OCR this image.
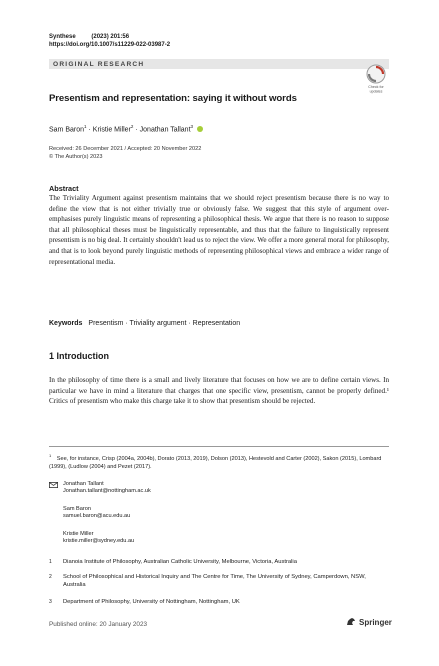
Synthese	(2023) 201:56
https://doi.org/10.1007/s11229-022-03987-2
ORIGINAL RESEARCH
Check for
updates
Presentism and representation: saying it without words
Sam Baron$^1$ · Kristie Miller$^2$ · Jonathan Tallant$^3$
Received: 26 December 2021 / Accepted: 20 November 2022
© The Author(s) 2023
Abstract
The Triviality Argument against presentism maintains that we should reject presentism because there is no way to define the view that is not either trivially true or obviously false. We suggest that this style of argument over-emphasises purely linguistic means of representing a philosophical thesis. We argue that there is no reason to suppose that all philosophical theses must be linguistically representable, and thus that the failure to linguistically represent presentism is no big deal. It certainly shouldn't lead us to reject the view. We offer a more general moral for philosophy, and that is to look beyond purely linguistic methods of representing philosophical views and embrace a wider range of representational media.
Keywords Presentism · Triviality argument · Representation
1 Introduction
In the philosophy of time there is a small and lively literature that focuses on how we are to define certain views. In particular we have in mind a literature that charges that one specific view, presentism, cannot be properly defined.¹ Critics of presentism who make this charge take it to show that presentism should be rejected.
$^1$ See, for instance, Crisp (2004a, 2004b), Dorato (2013, 2019), Dolson (2013), Hestevold and Carter (2002), Sakon (2015), Lombard (1999), (Ludlow (2004) and Pezet (2017).
Jonathan Tallant
Jonathan.tallant@nottingham.ac.uk
Sam Baron
samuel.baron@acu.edu.au
Kristie Miller
kristie.miller@sydney.edu.au
1	Dianoia Institute of Philosophy, Australian Catholic University, Melbourne, Victoria, Australia
2	School of Philosophical and Historical Inquiry and The Centre for Time, The University of Sydney, Camperdown, NSW, Australia
3	Department of Philosophy, University of Nottingham, Nottingham, UK
Published online: 20 January 2023	Springer
